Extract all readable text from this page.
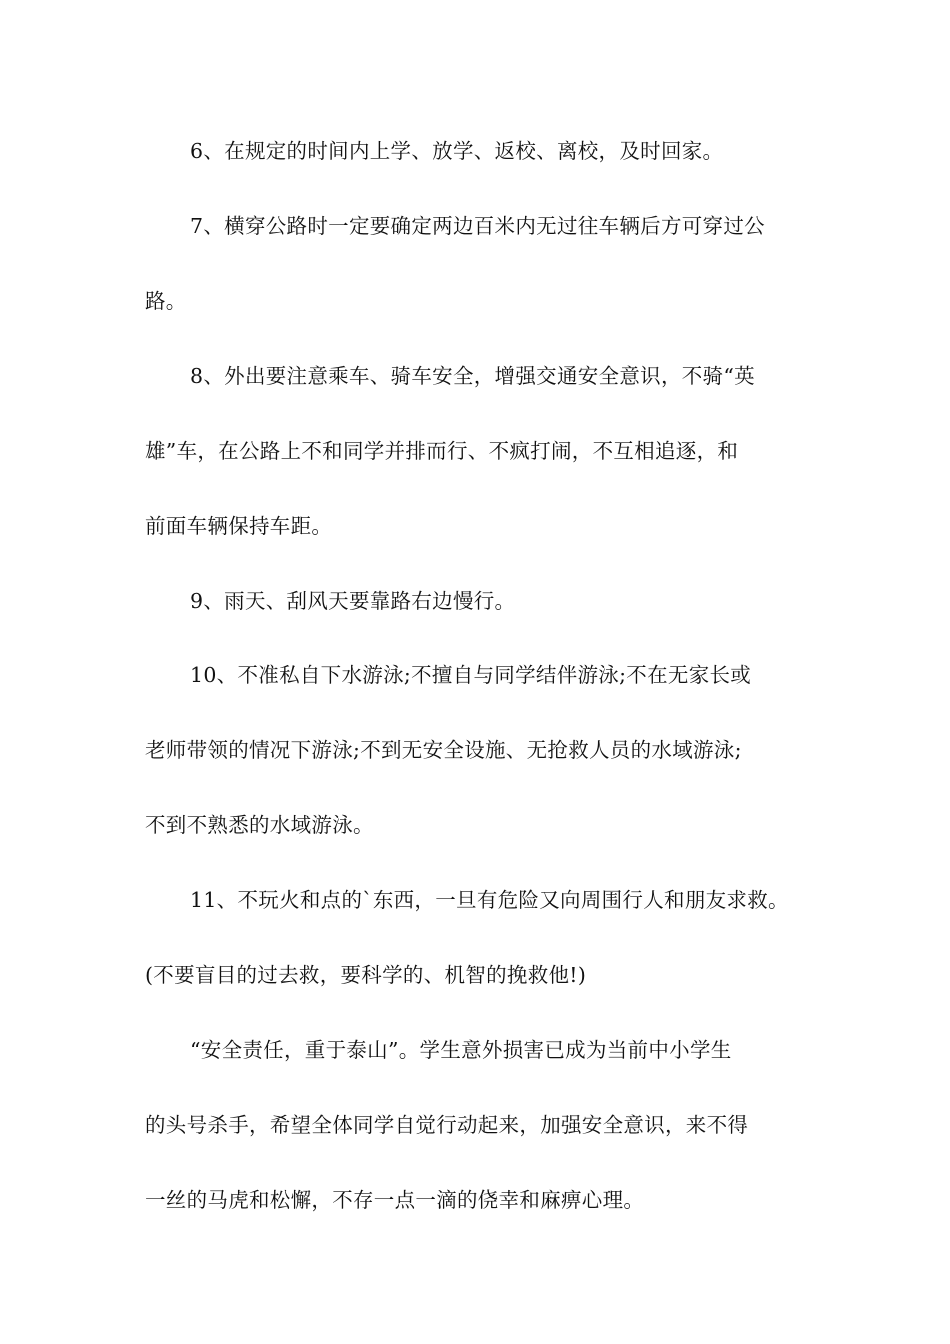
6、在规定的时间内上学、放学、返校、离校，及时回家。
7、横穿公路时一定要确定两边百米内无过往车辆后方可穿过公
路。
8、外出要注意乘车、骑车安全，增强交通安全意识，不骑“英
雄”车，在公路上不和同学并排而行、不疯打闹，不互相追逐，和
前面车辆保持车距。
9、雨天、刮风天要靠路右边慢行。
10、不准私自下水游泳;不擅自与同学结伴游泳;不在无家长或
老师带领的情况下游泳;不到无安全设施、无抢救人员的水域游泳;
不到不熟悉的水域游泳。
11、不玩火和点的`东西，一旦有危险又向周围行人和朋友求救。
(不要盲目的过去救，要科学的、机智的挽救他!)
“安全责任，重于泰山”。学生意外损害已成为当前中小学生
的头号杀手，希望全体同学自觉行动起来，加强安全意识，来不得
一丝的马虎和松懈，不存一点一滴的侥幸和麻痹心理。
